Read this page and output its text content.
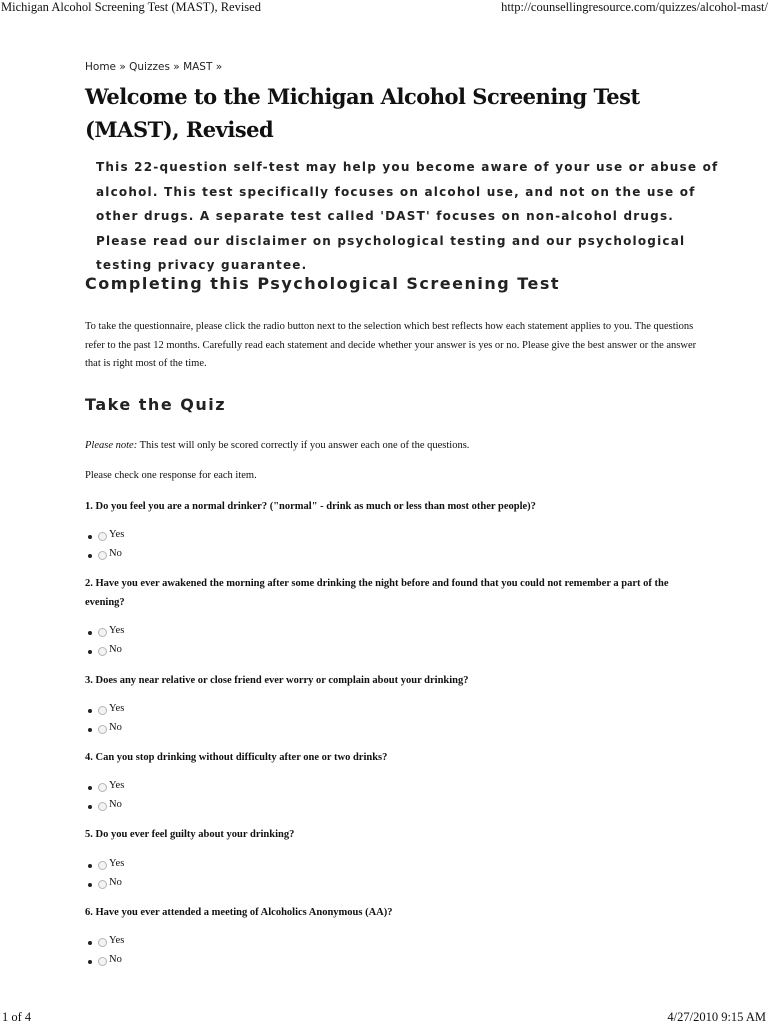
Michigan Alcohol Screening Test (MAST), Revised	http://counsellingresource.com/quizzes/alcohol-mast/
Home » Quizzes » MAST »
Welcome to the Michigan Alcohol Screening Test (MAST), Revised

This 22-question self-test may help you become aware of your use or abuse of alcohol. This test specifically focuses on alcohol use, and not on the use of other drugs. A separate test called 'DAST' focuses on non-alcohol drugs. Please read our disclaimer on psychological testing and our psychological testing privacy guarantee.

Completing this Psychological Screening Test

To take the questionnaire, please click the radio button next to the selection which best reflects how each statement applies to you. The questions refer to the past 12 months. Carefully read each statement and decide whether your answer is yes or no. Please give the best answer or the answer that is right most of the time.

Take the Quiz

Please note: This test will only be scored correctly if you answer each one of the questions.

Please check one response for each item.

1. Do you feel you are a normal drinker? ("normal" - drink as much or less than most other people)?

Yes
No

2. Have you ever awakened the morning after some drinking the night before and found that you could not remember a part of the evening?

Yes
No

3. Does any near relative or close friend ever worry or complain about your drinking?

Yes
No

4. Can you stop drinking without difficulty after one or two drinks?

Yes
No

5. Do you ever feel guilty about your drinking?

Yes
No

6. Have you ever attended a meeting of Alcoholics Anonymous (AA)?

Yes
No
1 of 4	4/27/2010 9:15 AM
